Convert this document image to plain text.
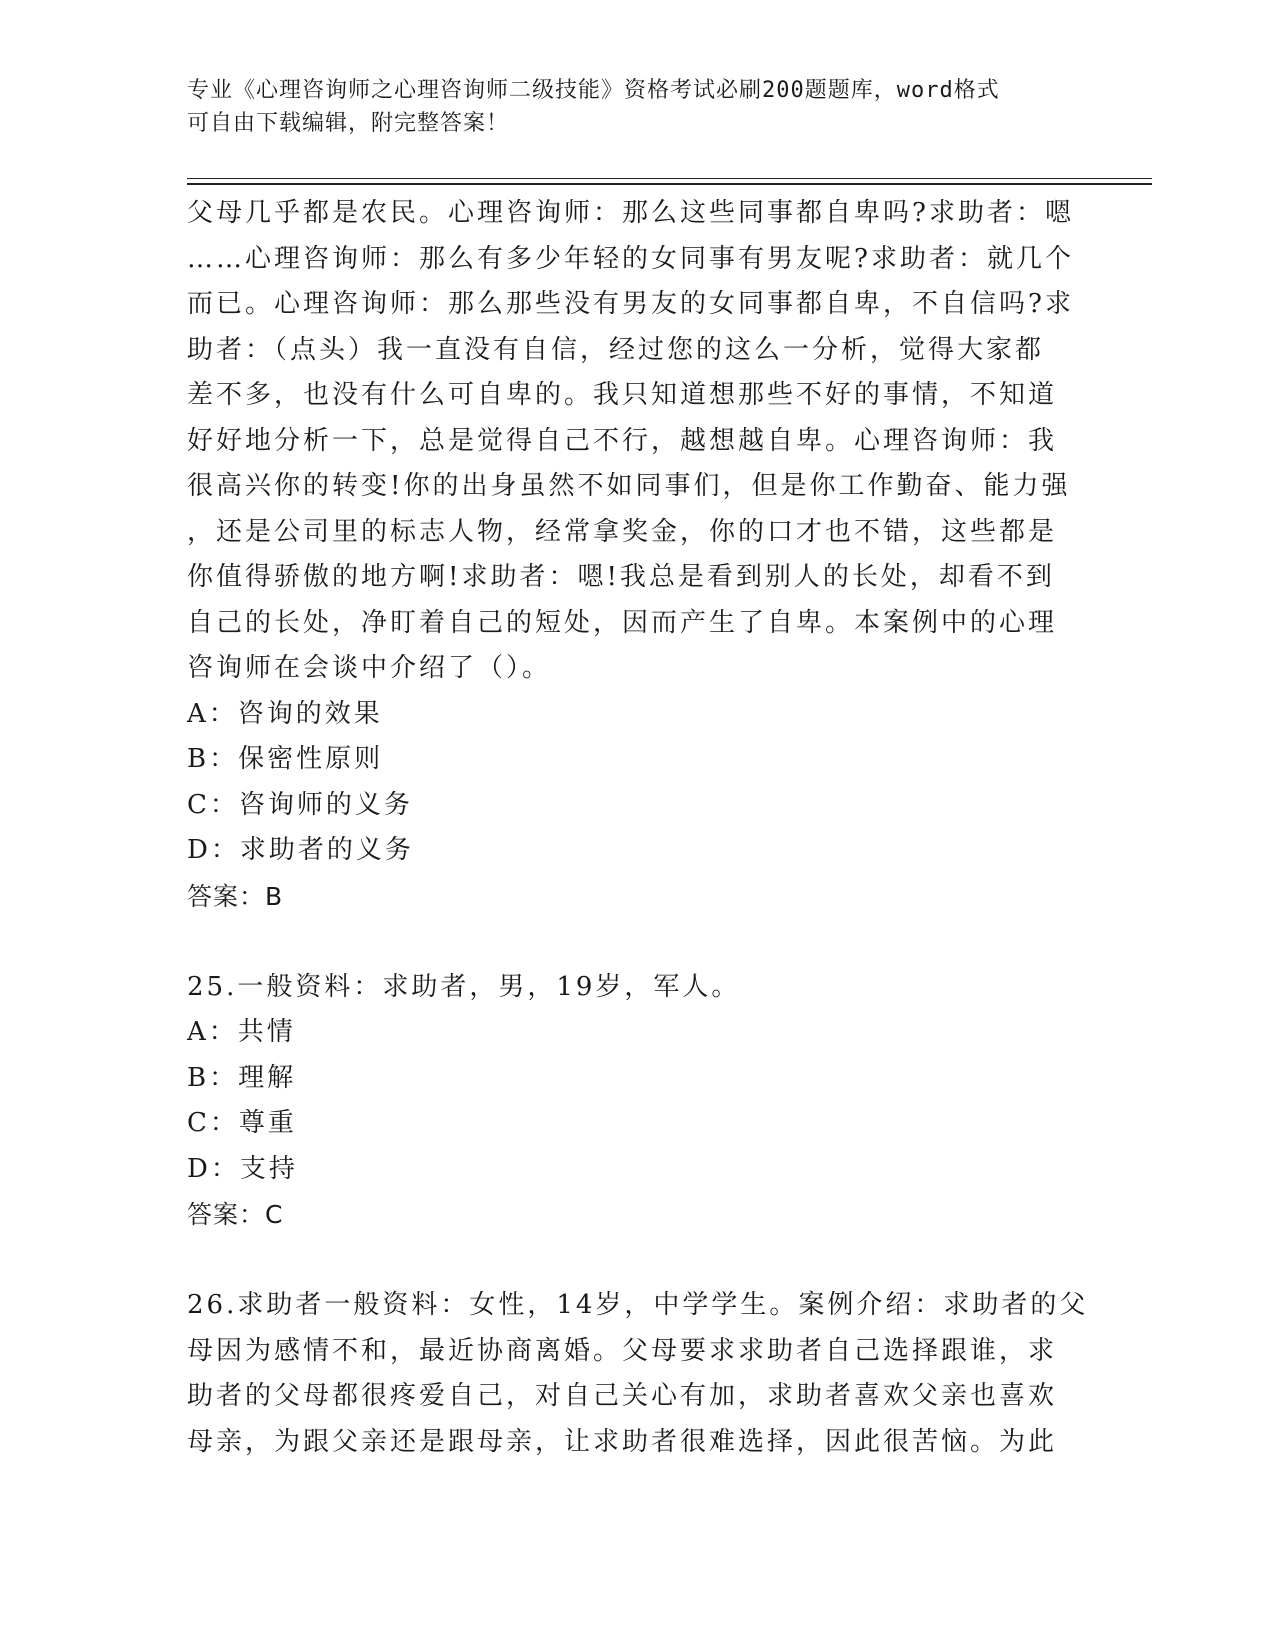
专业《心理咨询师之心理咨询师二级技能》资格考试必刷200题题库，word格式
可自由下载编辑，附完整答案！
父母几乎都是农民。心理咨询师：那么这些同事都自卑吗?求助者：嗯
……心理咨询师：那么有多少年轻的女同事有男友呢?求助者：就几个
而已。心理咨询师：那么那些没有男友的女同事都自卑，不自信吗?求
助者：（点头）我一直没有自信，经过您的这么一分析，觉得大家都
差不多，也没有什么可自卑的。我只知道想那些不好的事情，不知道
好好地分析一下，总是觉得自己不行，越想越自卑。心理咨询师：我
很高兴你的转变!你的出身虽然不如同事们，但是你工作勤奋、能力强
，还是公司里的标志人物，经常拿奖金，你的口才也不错，这些都是
你值得骄傲的地方啊!求助者：嗯!我总是看到别人的长处，却看不到
自己的长处，净盯着自己的短处，因而产生了自卑。本案例中的心理
咨询师在会谈中介绍了（）。
A：咨询的效果
B：保密性原则
C：咨询师的义务
D：求助者的义务
答案：B
25.一般资料：求助者，男，19岁，军人。
A：共情
B：理解
C：尊重
D：支持
答案：C
26.求助者一般资料：女性，14岁，中学学生。案例介绍：求助者的父
母因为感情不和，最近协商离婚。父母要求求助者自己选择跟谁，求
助者的父母都很疼爱自己，对自己关心有加，求助者喜欢父亲也喜欢
母亲，为跟父亲还是跟母亲，让求助者很难选择，因此很苦恼。为此
